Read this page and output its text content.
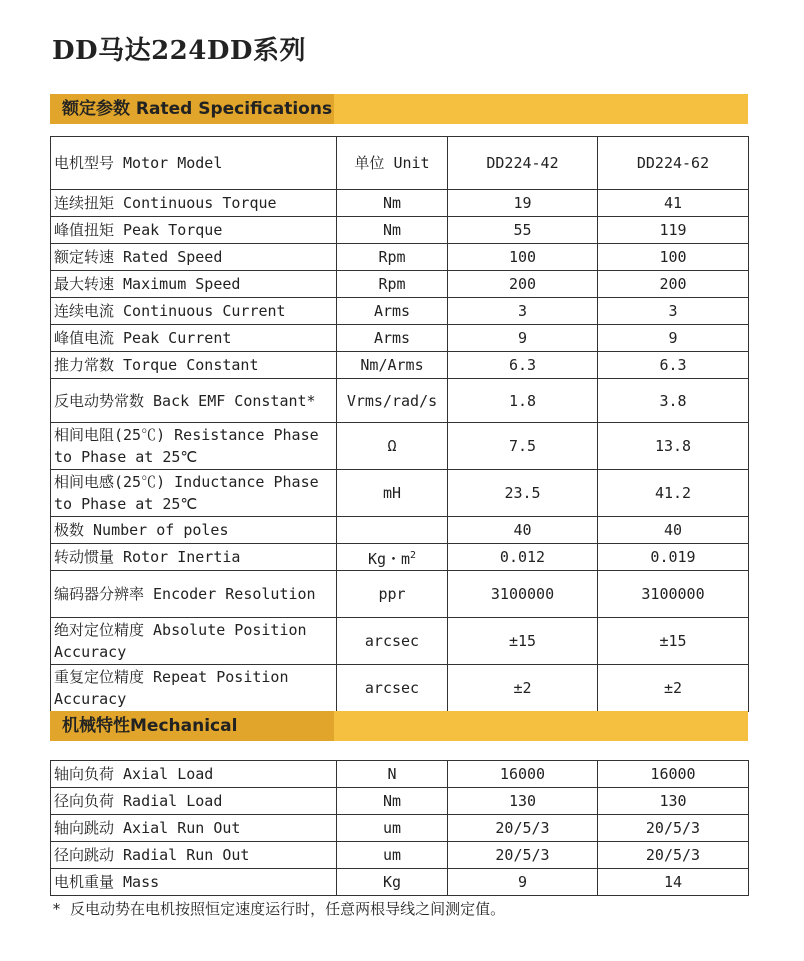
DD马达224DD系列
额定参数 Rated Specifications
电机型号 Motor Model	单位 Unit	DD224-42	DD224-62
连续扭矩 Continuous Torque	Nm	19	41
峰值扭矩 Peak Torque	Nm	55	119
额定转速 Rated Speed	Rpm	100	100
最大转速 Maximum Speed	Rpm	200	200
连续电流 Continuous Current	Arms	3	3
峰值电流 Peak Current	Arms	9	9
推力常数 Torque Constant	Nm/Arms	6.3	6.3
反电动势常数 Back EMF Constant*	Vrms/rad/s	1.8	3.8
相间电阻(25℃) Resistance Phase to Phase at 25℃	Ω	7.5	13.8
相间电感(25℃) Inductance Phase to Phase at 25℃	mH	23.5	41.2
极数 Number of poles		40	40
转动惯量 Rotor Inertia	Kg・$m^2$	0.012	0.019
编码器分辨率 Encoder Resolution	ppr	3100000	3100000
绝对定位精度 Absolute Position Accuracy	arcsec	±15	±15
重复定位精度 Repeat Position Accuracy	arcsec	±2	±2
机械特性Mechanical
轴向负荷 Axial Load	N	16000	16000
径向负荷 Radial Load	Nm	130	130
轴向跳动 Axial Run Out	um	20/5/3	20/5/3
径向跳动 Radial Run Out	um	20/5/3	20/5/3
电机重量 Mass	Kg	9	14
* 反电动势在电机按照恒定速度运行时，任意两根导线之间测定值。
